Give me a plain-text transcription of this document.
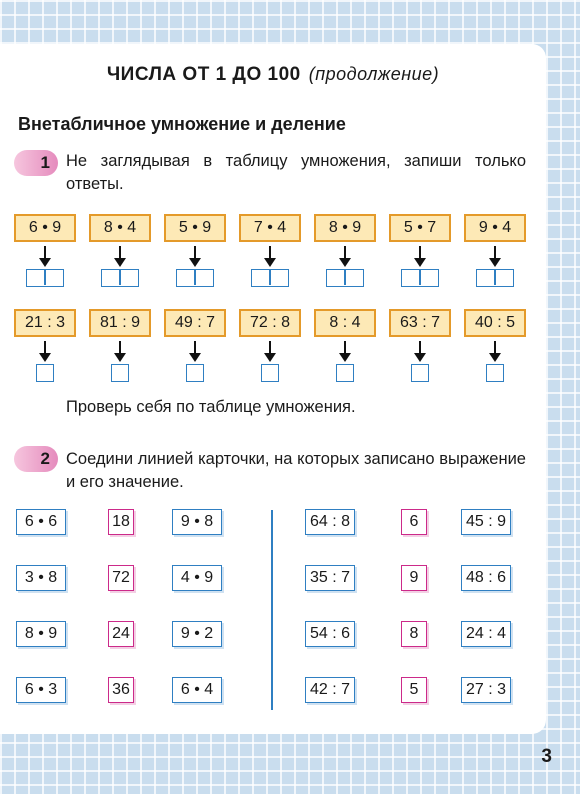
ЧИСЛА ОТ 1 ДО 100 (продолжение)
Внетабличное умножение и деление
1 Не заглядывая в таблицу умножения, запиши только ответы.
6 • 9	8 • 4	5 • 9	7 • 4	8 • 9	5 • 7	9 • 4
21 : 3	81 : 9	49 : 7	72 : 8	8 : 4	63 : 7	40 : 5
Проверь себя по таблице умножения.
2 Соедини линией карточки, на которых записано выражение и его значение.
6 • 6	18	9 • 8
3 • 8	72	4 • 9
8 • 9	24	9 • 2
6 • 3	36	6 • 4
64 : 8	6	45 : 9
35 : 7	9	48 : 6
54 : 6	8	24 : 4
42 : 7	5	27 : 3
3
